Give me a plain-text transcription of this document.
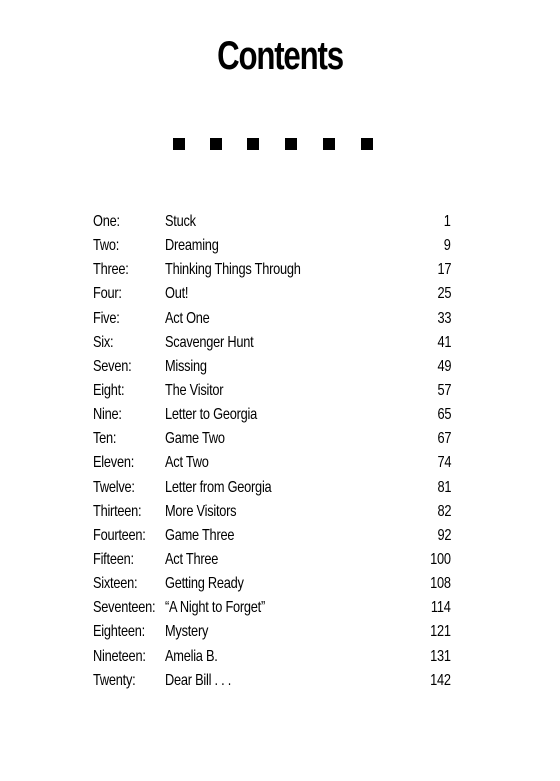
Contents
One:	Stuck	1
Two:	Dreaming	9
Three: Thinking Things Through	17
Four:	Out!	25
Five:	Act One	33
Six:	Scavenger Hunt	41
Seven: Missing	49
Eight:	The Visitor	57
Nine:	Letter to Georgia	65
Ten:	Game Two	67
Eleven: Act Two	74
Twelve: Letter from Georgia	81
Thirteen: More Visitors	82
Fourteen: Game Three	92
Fifteen: Act Three	100
Sixteen: Getting Ready	108
Seventeen: “A Night to Forget”	114
Eighteen: Mystery	121
Nineteen: Amelia B.	131
Twenty: Dear Bill . . .	142
